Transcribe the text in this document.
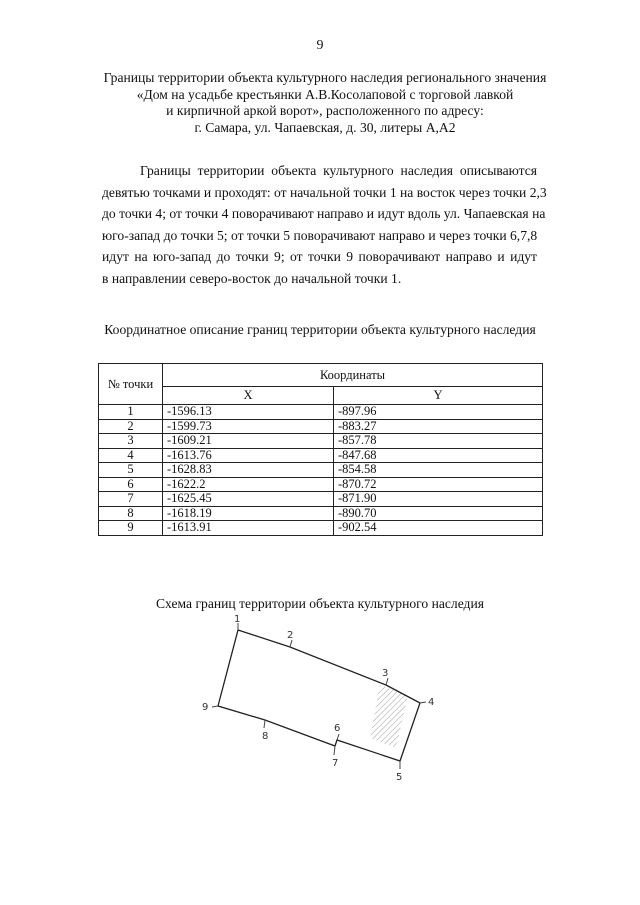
9
Границы территории объекта культурного наследия регионального значения
«Дом на усадьбе крестьянки А.В.Косолаповой с торговой лавкой
и кирпичной аркой ворот», расположенного по адресу:
г. Самара, ул. Чапаевская, д. 30, литеры А,А2
Границы территории объекта культурного наследия описываются
девятью точками и проходят: от начальной точки 1 на восток через точки 2,3
до точки 4; от точки 4 поворачивают направо и идут вдоль ул. Чапаевская на
юго-запад до точки 5; от точки 5 поворачивают направо и через точки 6,7,8
идут на юго-запад до точки 9; от точки 9 поворачивают направо и идут
в направлении северо-восток до начальной точки 1.
Координатное описание границ территории объекта культурного наследия
№ точки	Координаты	
	X	Y
1	-1596.13	-897.96
2	-1599.73	-883.27
3	-1609.21	-857.78
4	-1613.76	-847.68
5	-1628.83	-854.58
6	-1622.2	-870.72
7	-1625.45	-871.90
8	-1618.19	-890.70
9	-1613.91	-902.54
Схема границ территории объекта культурного наследия
1
2
3
4
5
6
7
8
9
